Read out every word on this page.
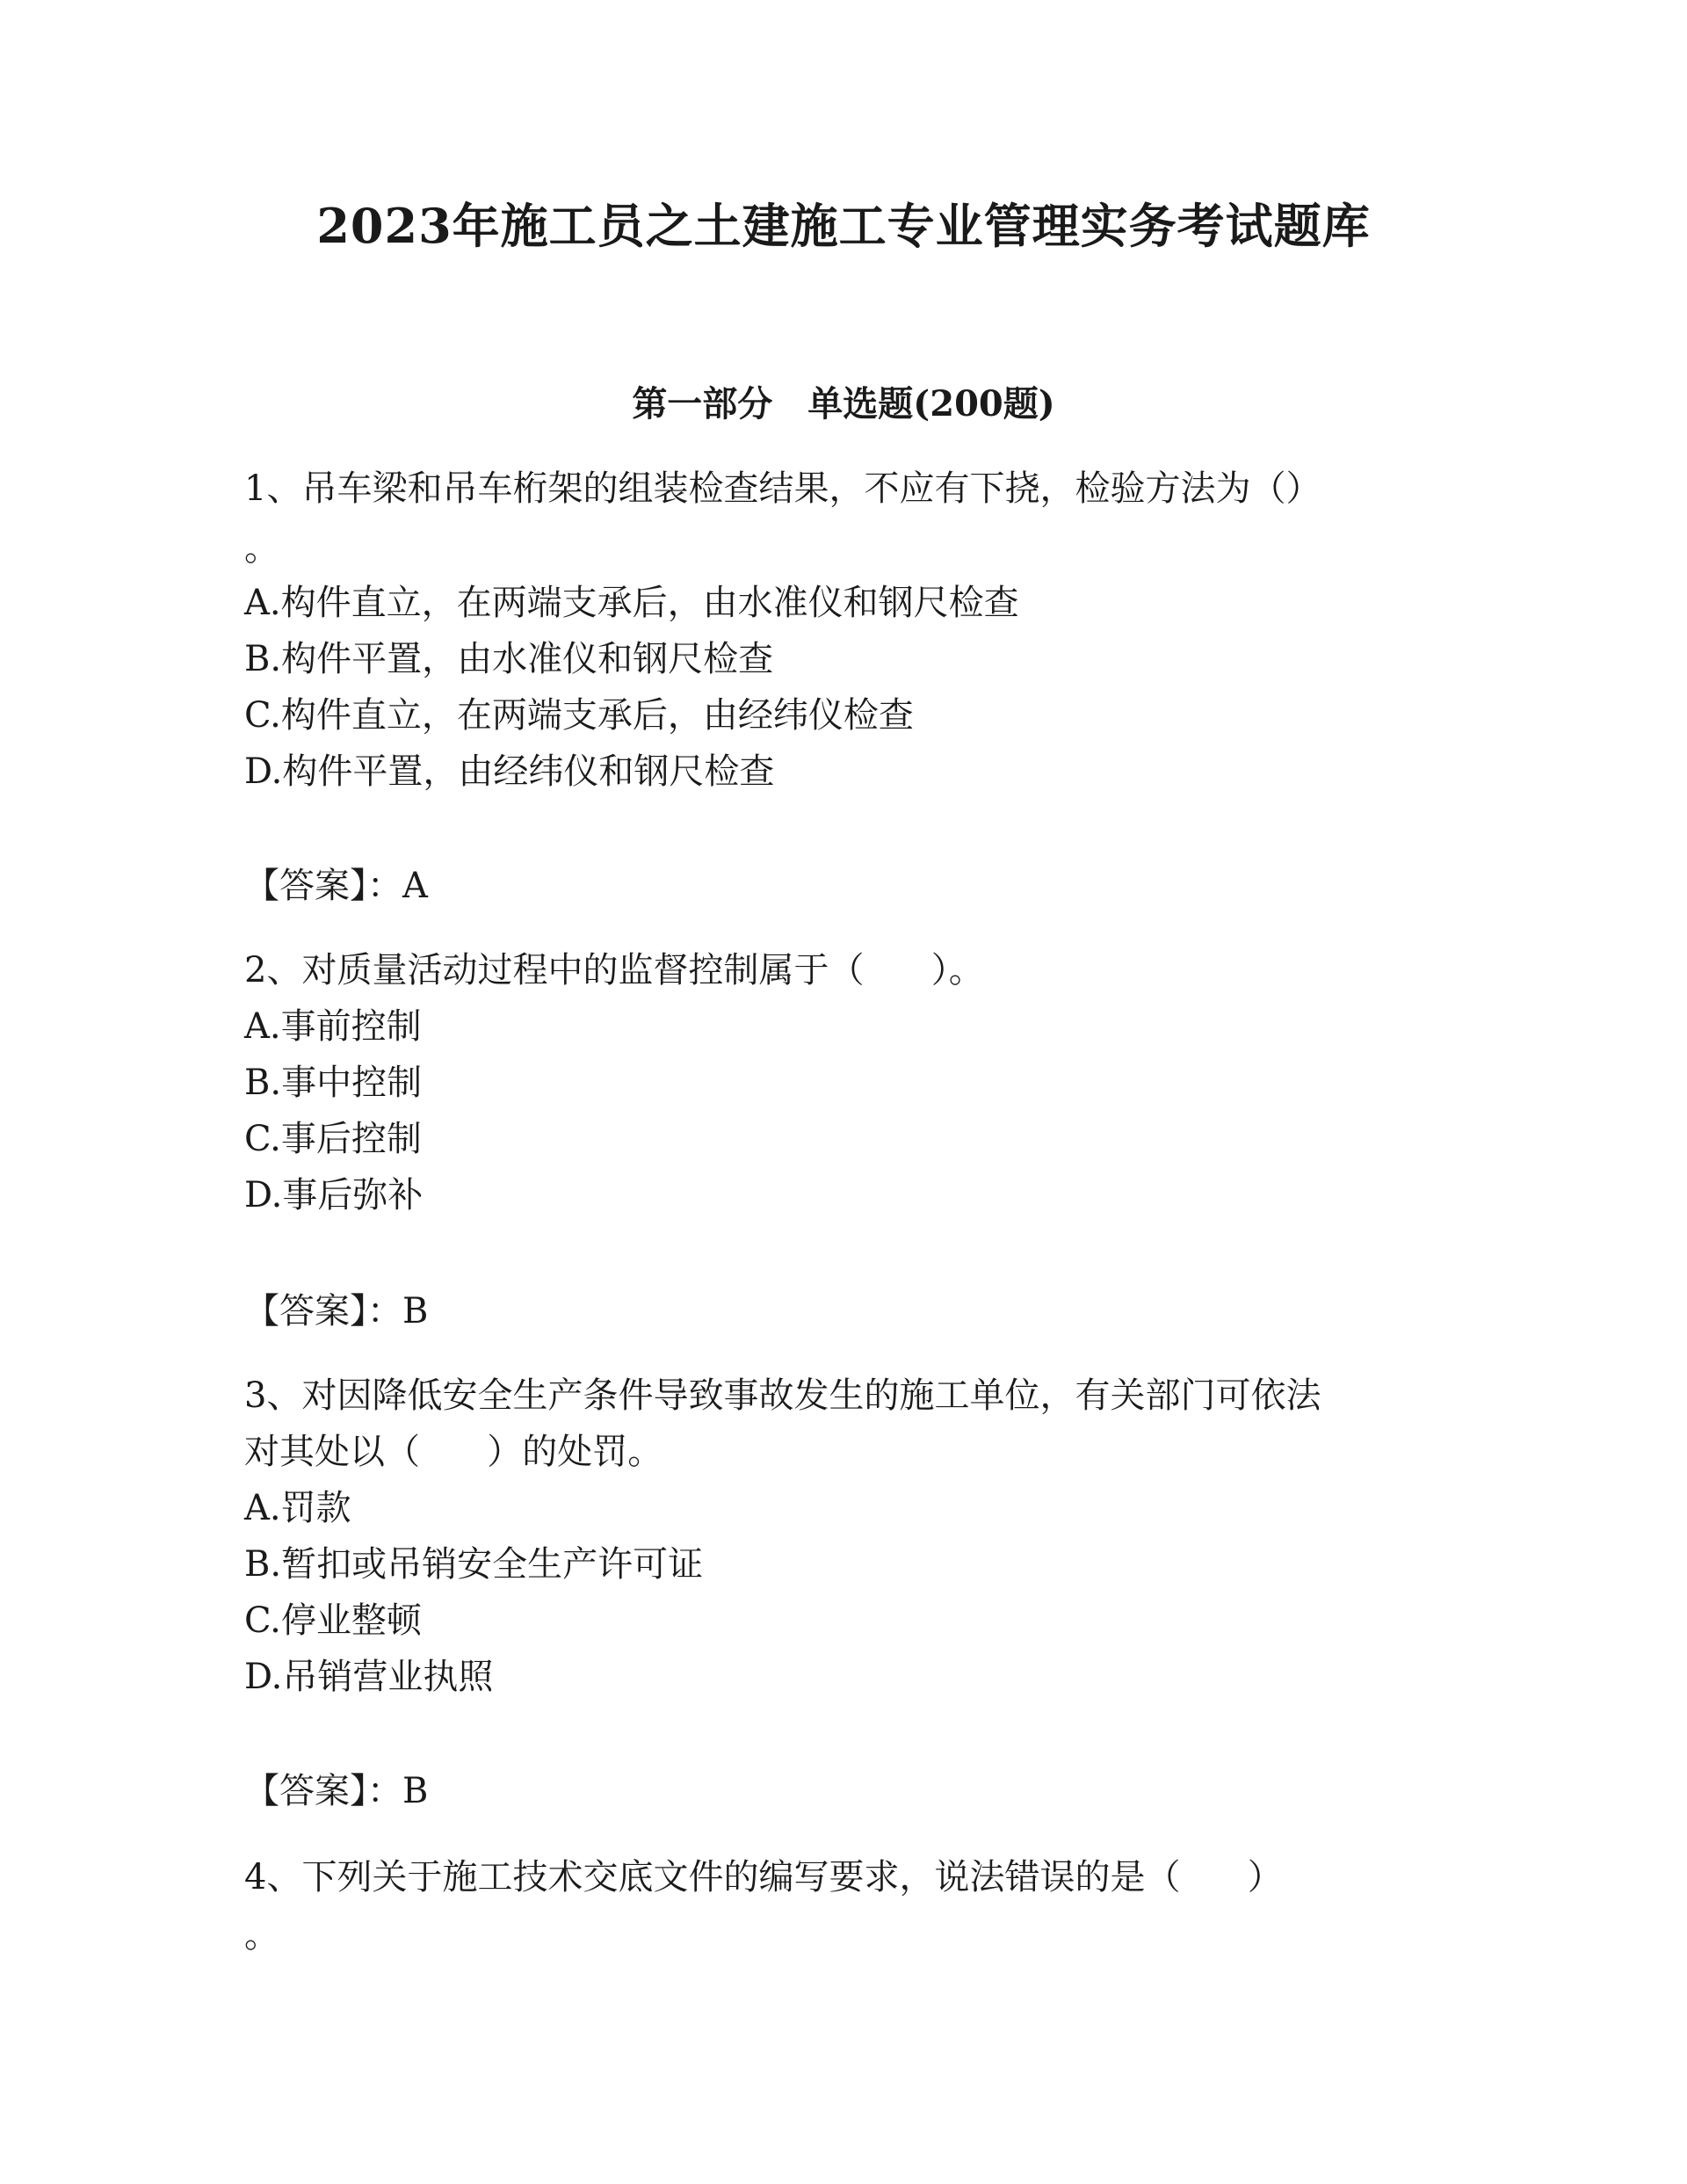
2023年施工员之土建施工专业管理实务考试题库
第一部分　单选题(200题)
1、吊车梁和吊车桁架的组装检查结果，不应有下挠，检验方法为（）
。
A.构件直立，在两端支承后，由水准仪和钢尺检查
B.构件平置，由水准仪和钢尺检查
C.构件直立，在两端支承后，由经纬仪检查
D.构件平置，由经纬仪和钢尺检查
【答案】：A
2、对质量活动过程中的监督控制属于（      ）。
A.事前控制
B.事中控制
C.事后控制
D.事后弥补
【答案】：B
3、对因降低安全生产条件导致事故发生的施工单位，有关部门可依法
对其处以（      ）的处罚。
A.罚款
B.暂扣或吊销安全生产许可证
C.停业整顿
D.吊销营业执照
【答案】：B
4、下列关于施工技术交底文件的编写要求，说法错误的是（      ）
。
